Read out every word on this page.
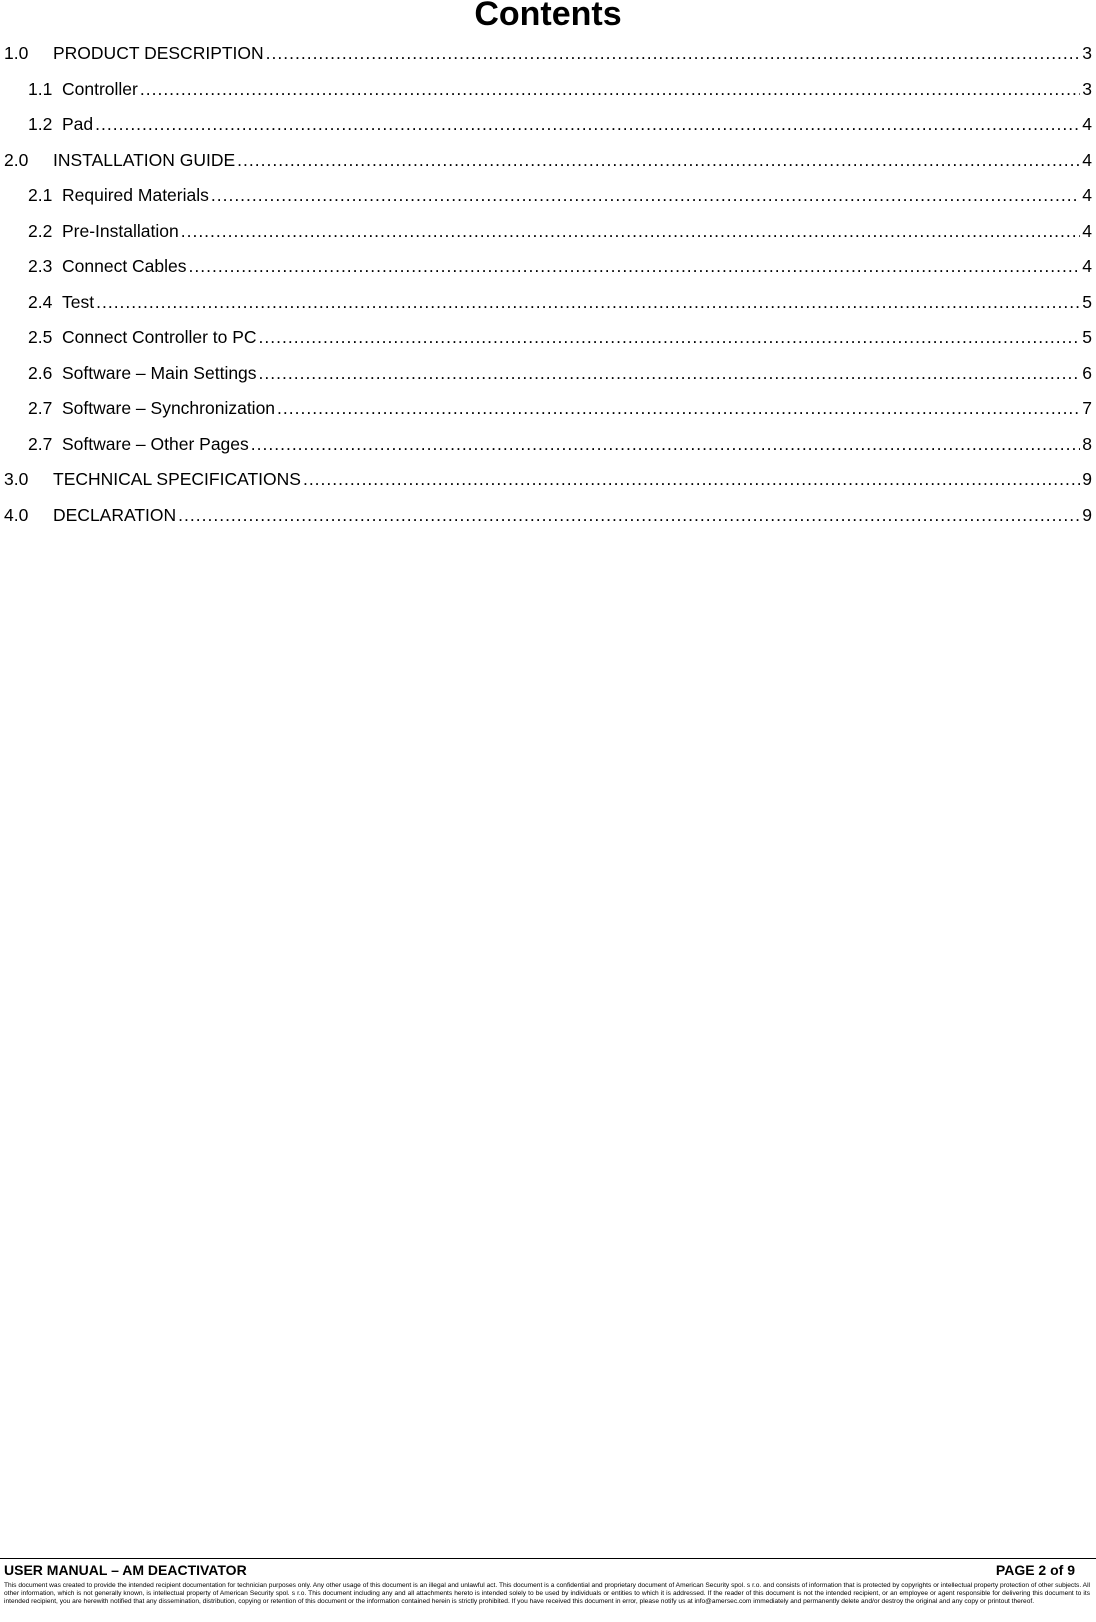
Contents
1.0	PRODUCT DESCRIPTION .....	3
1.1 Controller .....	3
1.2 Pad .....	4
2.0	INSTALLATION GUIDE .....	4
2.1 Required Materials .....	4
2.2 Pre-Installation .....	4
2.3 Connect Cables .....	4
2.4 Test .....	5
2.5 Connect Controller to PC .....	5
2.6 Software – Main Settings .....	6
2.7 Software – Synchronization .....	7
2.7 Software – Other Pages .....	8
3.0	TECHNICAL SPECIFICATIONS .....	9
4.0	DECLARATION .....	9
USER MANUAL – AM DEACTIVATOR	PAGE 2 of 9
This document was created to provide the intended recipient documentation for technician purposes only. Any other usage of this document is an illegal and unlawful act. This document is a confidential and proprietary document of American Security spol. s r.o. and consists of information that is protected by copyrights or intellectual property protection of other subjects. All other information, which is not generally known, is intellectual property of American Security spol. s r.o. This document including any and all attachments hereto is intended solely to be used by individuals or entities to which it is addressed. If the reader of this document is not the intended recipient, or an employee or agent responsible for delivering this document to its intended recipient, you are herewith notified that any dissemination, distribution, copying or retention of this document or the information contained herein is strictly prohibited. If you have received this document in error, please notify us at info@amersec.com immediately and permanently delete and/or destroy the original and any copy or printout thereof.
